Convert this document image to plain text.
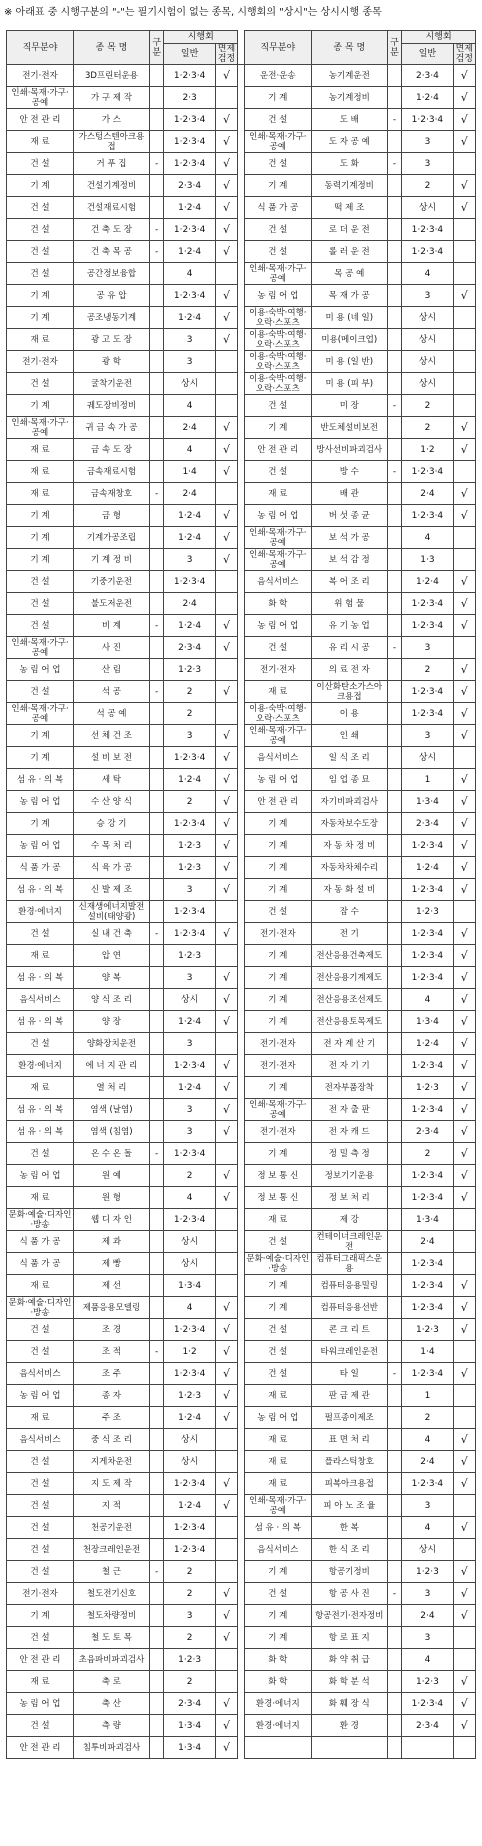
※ 아래표 중 시행구분의 "-"는 필기시험이 없는 종목, 시행회의 "상시"는 상시시행 종목
직무분야	종 목 명	구분	시행회			직무분야	종 목 명	구분	시행회	
			일반	면제검정					일반	면제검정
전기·전자	3D프린터운용		1·2·3·4	√		운전·운송	농기계운전		2·3·4	√
인쇄·목재·가구·공예	가 구 제 작		2·3			기 계	농기계정비		1·2·4	√
안 전 관 리	가 스		1·2·3·4	√		건 설	도 배	-	1·2·3·4	√
재 료	가스텅스텐아크용접		1·2·3·4	√		인쇄·목재·가구·공예	도 자 공 예		3	√
건 설	거 푸 집	-	1·2·3·4	√		건 설	도 화	-	3	
기 계	건설기계정비		2·3·4	√		기 계	동력기계정비		2	√
건 설	건설재료시험		1·2·4	√		식 품 가 공	떡 제 조		상시	√
건 설	건 축 도 장	-	1·2·3·4	√		건 설	로 더 운 전		1·2·3·4	
건 설	건 축 목 공	-	1·2·4	√		건 설	롤 러 운 전		1·2·3·4	
건 설	공간정보융합		4			인쇄·목재·가구·공예	목 공 예		4	
기 계	공 유 압		1·2·3·4	√		농 림 어 업	목 재 가 공		3	√
기 계	공조냉동기계		1·2·4	√		이용·숙박·여행·오락·스포츠	미 용 (네 일)		상시	
재 료	광 고 도 장		3	√		이용·숙박·여행·오락·스포츠	미용(메이크업)		상시	
전기·전자	광 학		3			이용·숙박·여행·오락·스포츠	미 용 (일 반)		상시	
건 설	굴착기운전		상시			이용·숙박·여행·오락·스포츠	미 용 (피 부)		상시	
기 계	궤도장비정비		4			건 설	미 장	-	2	
인쇄·목재·가구·공예	귀 금 속 가 공		2·4	√		기 계	반도체설비보전		2	√
재 료	금 속 도 장		4	√		안 전 관 리	방사선비파괴검사		1·2	√
재 료	금속재료시험		1·4	√		건 설	방 수	-	1·2·3·4	
재 료	금속재창호	-	2·4			재 료	배 관		2·4	√
기 계	금 형		1·2·4	√		농 림 어 업	버 섯 종 균		1·2·3·4	√
기 계	기계가공조립		1·2·4	√		인쇄·목재·가구·공예	보 석 가 공		4	
기 계	기 계 정 비		3	√		인쇄·목재·가구·공예	보 석 감 정		1·3	
건 설	기중기운전		1·2·3·4			음식서비스	복 어 조 리		1·2·4	√
건 설	불도저운전		2·4			화 학	위 험 물		1·2·3·4	√
건 설	비 계	-	1·2·4	√		농 림 어 업	유 기 농 업		1·2·3·4	√
인쇄·목재·가구·공예	사 진		2·3·4	√		건 설	유 리 시 공	-	3	
농 림 어 업	산 림		1·2·3			전기·전자	의 료 전 자		2	√
건 설	석 공	-	2	√		재 료	이산화탄소가스아크용접		1·2·3·4	√
인쇄·목재·가구·공예	석 공 예		2			이용·숙박·여행·오락·스포츠	이 용		1·2·3·4	√
기 계	선 체 건 조		3	√		인쇄·목재·가구·공예	인 쇄		3	√
기 계	설 비 보 전		1·2·3·4	√		음식서비스	일 식 조 리		상시	
섬 유 · 의 복	세 탁		1·2·4	√		농 림 어 업	임 업 종 묘		1	√
농 림 어 업	수 산 양 식		2	√		안 전 관 리	자기비파괴검사		1·3·4	√
기 계	승 강 기		1·2·3·4	√		기 계	자동차보수도장		2·3·4	√
농 림 어 업	수 목 처 리		1·2·3	√		기 계	자 동 차 정 비		1·2·3·4	√
식 품 가 공	식 육 가 공		1·2·3	√		기 계	자동차차체수리		1·2·4	√
섬 유 · 의 복	신 발 제 조		3	√		기 계	자 동 화 설 비		1·2·3·4	√
환경·에너지	신재생에너지발전설비(태양광)		1·2·3·4			건 설	잠 수		1·2·3	
건 설	실 내 건 축	-	1·2·3·4	√		전기·전자	전 기		1·2·3·4	√
재 료	압 연		1·2·3			기 계	전산응용건축제도		1·2·3·4	√
섬 유 · 의 복	양 복		3	√		기 계	전산응용기계제도		1·2·3·4	√
음식서비스	양 식 조 리		상시	√		기 계	전산응용조선제도		4	√
섬 유 · 의 복	양 장		1·2·4	√		기 계	전산응용토목제도		1·3·4	√
건 설	양화장치운전		3			전기·전자	전 자 계 산 기		1·2·4	√
환경·에너지	에 너 지 관 리		1·2·3·4	√		전기·전자	전 자 기 기		1·2·3·4	√
재 료	열 처 리		1·2·4	√		기 계	전자부품장착		1·2·3	√
섬 유 · 의 복	염색 (날염)		3	√		인쇄·목재·가구·공예	전 자 출 판		1·2·3·4	√
섬 유 · 의 복	염색 (침염)		3	√		전기·전자	전 자 캐 드		2·3·4	√
건 설	온 수 온 돌	-	1·2·3·4			기 계	정 밀 측 정		2	√
농 림 어 업	원 예		2	√		정 보 통 신	정보기기운용		1·2·3·4	√
재 료	원 형		4	√		정 보 통 신	정 보 처 리		1·2·3·4	√
문화·예술·디자인·방송	웹 디 자 인		1·2·3·4			재 료	제 강		1·3·4	
식 품 가 공	제 과		상시			건 설	컨테이너크레인운전		2·4	
식 품 가 공	제 빵		상시			문화·예술·디자인·방송	컴퓨터그래픽스운용		1·2·3·4	
재 료	제 선		1·3·4			기 계	컴퓨터응용밀링		1·2·3·4	√
문화·예술·디자인·방송	제품응용모델링		4	√		기 계	컴퓨터응용선반		1·2·3·4	√
건 설	조 경		1·2·3·4	√		건 설	콘 크 리 트		1·2·3	√
건 설	조 적	-	1·2	√		건 설	타워크레인운전		1·4	
음식서비스	조 주		1·2·3·4	√		건 설	타 일	-	1·2·3·4	√
농 림 어 업	종 자		1·2·3	√		재 료	판 금 제 관		1	
재 료	주 조		1·2·4	√		농 림 어 업	펄프종이제조		2	
음식서비스	중 식 조 리		상시			재 료	표 면 처 리		4	√
건 설	지게차운전		상시			재 료	플라스틱창호		2·4	√
건 설	지 도 제 작		1·2·3·4	√		재 료	피복아크용접		1·2·3·4	√
건 설	지 적		1·2·4	√		인쇄·목재·가구·공예	피 아 노 조 율		3	
건 설	천공기운전		1·2·3·4			섬 유 · 의 복	한 복		4	√
건 설	천장크레인운전		1·2·3·4			음식서비스	한 식 조 리		상시	
건 설	철 근	-	2			기 계	항공기정비		1·2·3	√
전기·전자	철도전기신호		2	√		건 설	항 공 사 진	-	3	√
기 계	철도차량정비		3	√		기 계	항공전기·전자정비		2·4	√
건 설	철 도 토 목		2	√		기 계	항 로 표 지		3	
안 전 관 리	초음파비파괴검사		1·2·3			화 학	화 약 취 급		4	
재 료	축 로		2			화 학	화 학 분 석		1·2·3	√
농 림 어 업	축 산		2·3·4	√		환경·에너지	화 훼 장 식		1·2·3·4	√
건 설	측 량		1·3·4	√		환경·에너지	환 경		2·3·4	√
안 전 관 리	침투비파괴검사		1·3·4	√						
